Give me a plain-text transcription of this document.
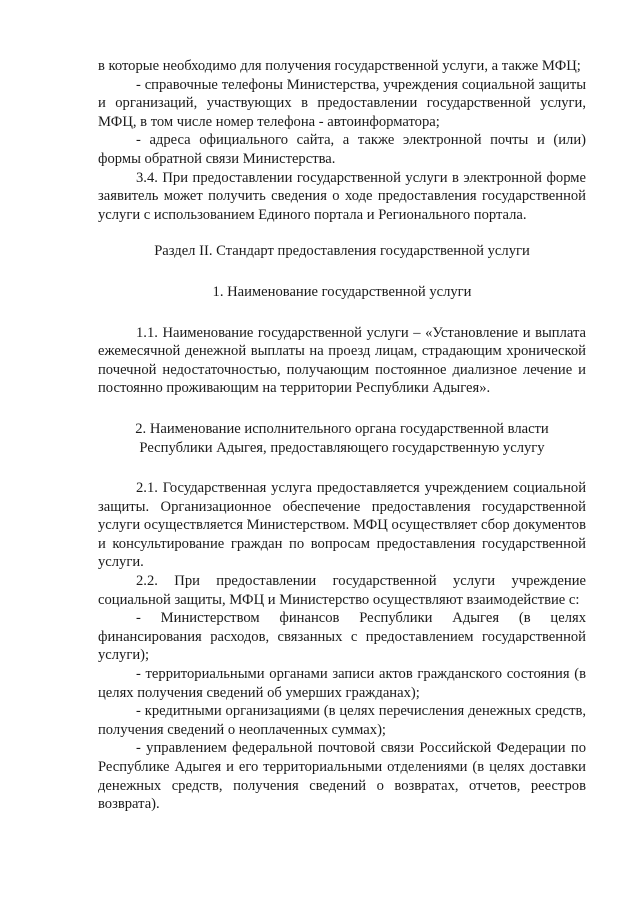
в которые необходимо для получения государственной услуги, а также МФЦ;

- справочные телефоны Министерства, учреждения социальной защиты и организаций, участвующих в предоставлении государственной услуги, МФЦ, в том числе номер телефона - автоинформатора;

- адреса официального сайта, а также электронной почты и (или) формы обратной связи Министерства.

3.4. При предоставлении государственной услуги в электронной форме заявитель может получить сведения о ходе предоставления государственной услуги с использованием Единого портала и Регионального портала.

Раздел II. Стандарт предоставления государственной услуги

1. Наименование государственной услуги

1.1. Наименование государственной услуги – «Установление и выплата ежемесячной денежной выплаты на проезд лицам, страдающим хронической почечной недостаточностью, получающим постоянное диализное лечение и постоянно проживающим на территории Республики Адыгея».

2. Наименование исполнительного органа государственной власти

Республики Адыгея, предоставляющего государственную услугу

2.1. Государственная услуга предоставляется учреждением социальной защиты. Организационное обеспечение предоставления государственной услуги осуществляется Министерством. МФЦ осуществляет сбор документов и консультирование граждан по вопросам предоставления государственной услуги.

2.2. При предоставлении государственной услуги учреждение социальной защиты, МФЦ и Министерство осуществляют взаимодействие с:

- Министерством финансов Республики Адыгея (в целях финансирования расходов, связанных с предоставлением государственной услуги);

- территориальными органами записи актов гражданского состояния (в целях получения сведений об умерших гражданах);

- кредитными организациями (в целях перечисления денежных средств, получения сведений о неоплаченных суммах);

- управлением федеральной почтовой связи Российской Федерации по Республике Адыгея и его территориальными отделениями (в целях доставки денежных средств, получения сведений о возвратах, отчетов, реестров возврата).
